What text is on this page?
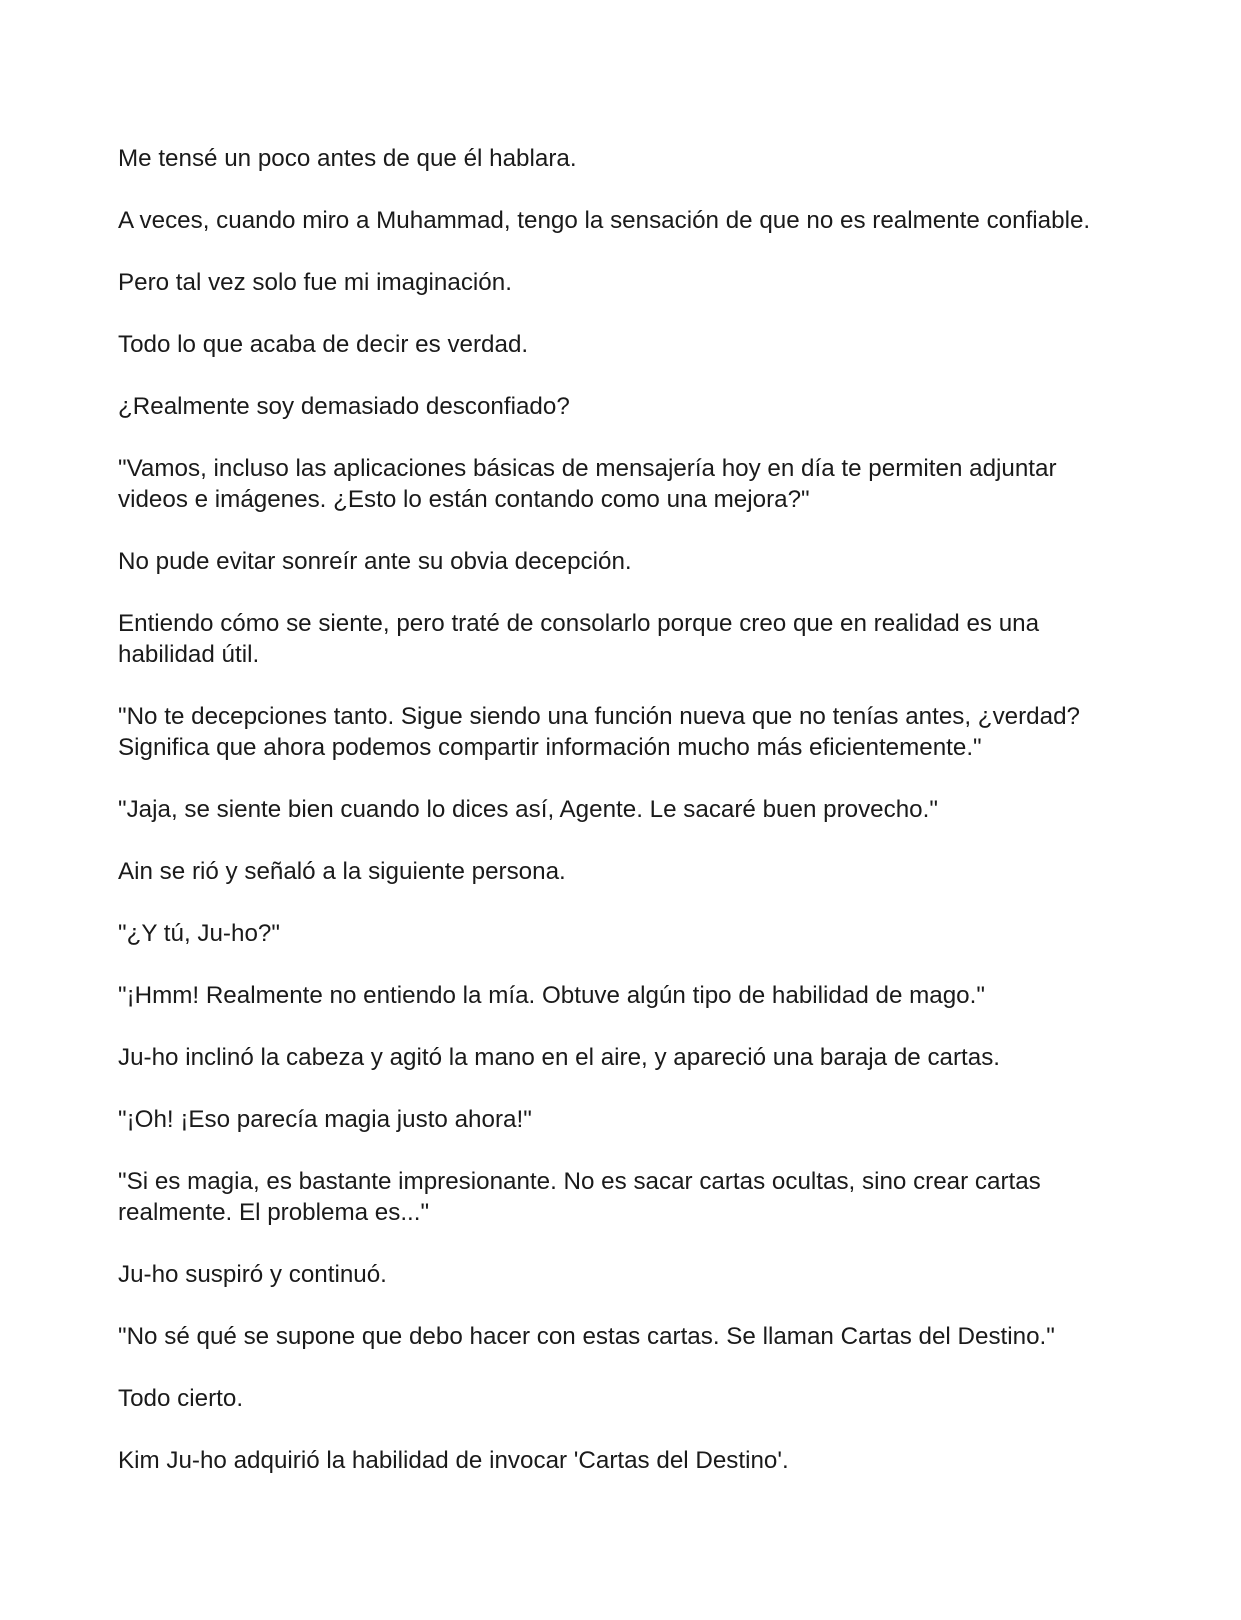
Me tensé un poco antes de que él hablara.

A veces, cuando miro a Muhammad, tengo la sensación de que no es realmente confiable.

Pero tal vez solo fue mi imaginación.

Todo lo que acaba de decir es verdad.

¿Realmente soy demasiado desconfiado?

"Vamos, incluso las aplicaciones básicas de mensajería hoy en día te permiten adjuntar videos e imágenes. ¿Esto lo están contando como una mejora?"

No pude evitar sonreír ante su obvia decepción.

Entiendo cómo se siente, pero traté de consolarlo porque creo que en realidad es una habilidad útil.

"No te decepciones tanto. Sigue siendo una función nueva que no tenías antes, ¿verdad? Significa que ahora podemos compartir información mucho más eficientemente."

"Jaja, se siente bien cuando lo dices así, Agente. Le sacaré buen provecho."

Ain se rió y señaló a la siguiente persona.

"¿Y tú, Ju-ho?"

"¡Hmm! Realmente no entiendo la mía. Obtuve algún tipo de habilidad de mago."

Ju-ho inclinó la cabeza y agitó la mano en el aire, y apareció una baraja de cartas.

"¡Oh! ¡Eso parecía magia justo ahora!"

"Si es magia, es bastante impresionante. No es sacar cartas ocultas, sino crear cartas realmente. El problema es..."

Ju-ho suspiró y continuó.

"No sé qué se supone que debo hacer con estas cartas. Se llaman Cartas del Destino."

Todo cierto.

Kim Ju-ho adquirió la habilidad de invocar 'Cartas del Destino'.
